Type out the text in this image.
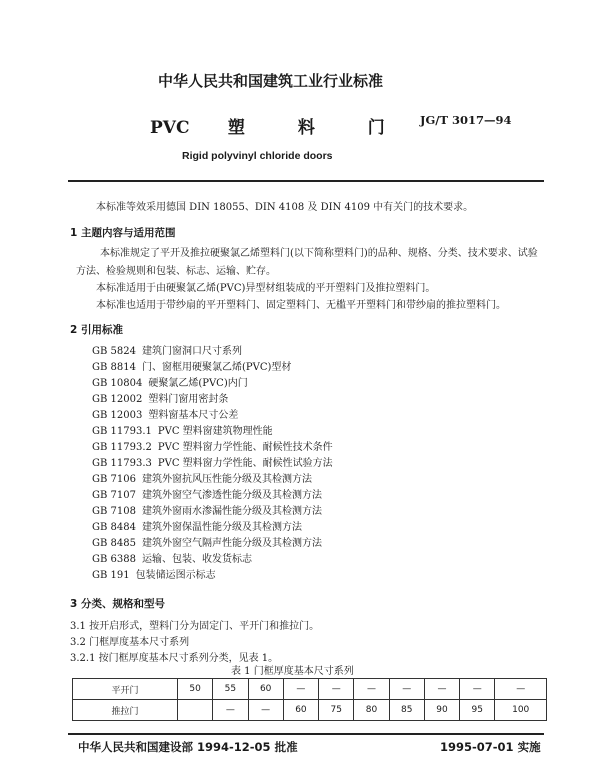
中华人民共和国建筑工业行业标准
PVC 塑	料	门	JG/T 3017—94
Rigid polyvinyl chloride doors
本标准等效采用德国 DIN 18055、DIN 4108 及 DIN 4109 中有关门的技术要求。
1 主题内容与适用范围
本标准规定了平开及推拉硬聚氯乙烯塑料门(以下简称塑料门)的品种、规格、分类、技术要求、试验方法、检验规则和包装、标志、运输、贮存。
本标准适用于由硬聚氯乙烯(PVC)异型材组装成的平开塑料门及推拉塑料门。
本标准也适用于带纱扇的平开塑料门、固定塑料门、无槛平开塑料门和带纱扇的推拉塑料门。
2 引用标准
GB 5824 建筑门窗洞口尺寸系列
GB 8814 门、窗框用硬聚氯乙烯(PVC)型材
GB 10804 硬聚氯乙烯(PVC)内门
GB 12002 塑料门窗用密封条
GB 12003 塑料窗基本尺寸公差
GB 11793.1 PVC 塑料窗建筑物理性能
GB 11793.2 PVC 塑料窗力学性能、耐候性技术条件
GB 11793.3 PVC 塑料窗力学性能、耐候性试验方法
GB 7106 建筑外窗抗风压性能分级及其检测方法
GB 7107 建筑外窗空气渗透性能分级及其检测方法
GB 7108 建筑外窗雨水渗漏性能分级及其检测方法
GB 8484 建筑外窗保温性能分级及其检测方法
GB 8485 建筑外窗空气隔声性能分级及其检测方法
GB 6388 运输、包装、收发货标志
GB 191 包装储运图示标志
3 分类、规格和型号
3.1 按开启形式，塑料门分为固定门、平开门和推拉门。
3.2 门框厚度基本尺寸系列
3.2.1 按门框厚度基本尺寸系列分类，见表 1。
表 1 门框厚度基本尺寸系列
平开门	50	55	60	—	—	—	—	—	—	—
推拉门		—	—	60	75	80	85	90	95	100
中华人民共和国建设部 1994-12-05 批准	1995-07-01 实施
